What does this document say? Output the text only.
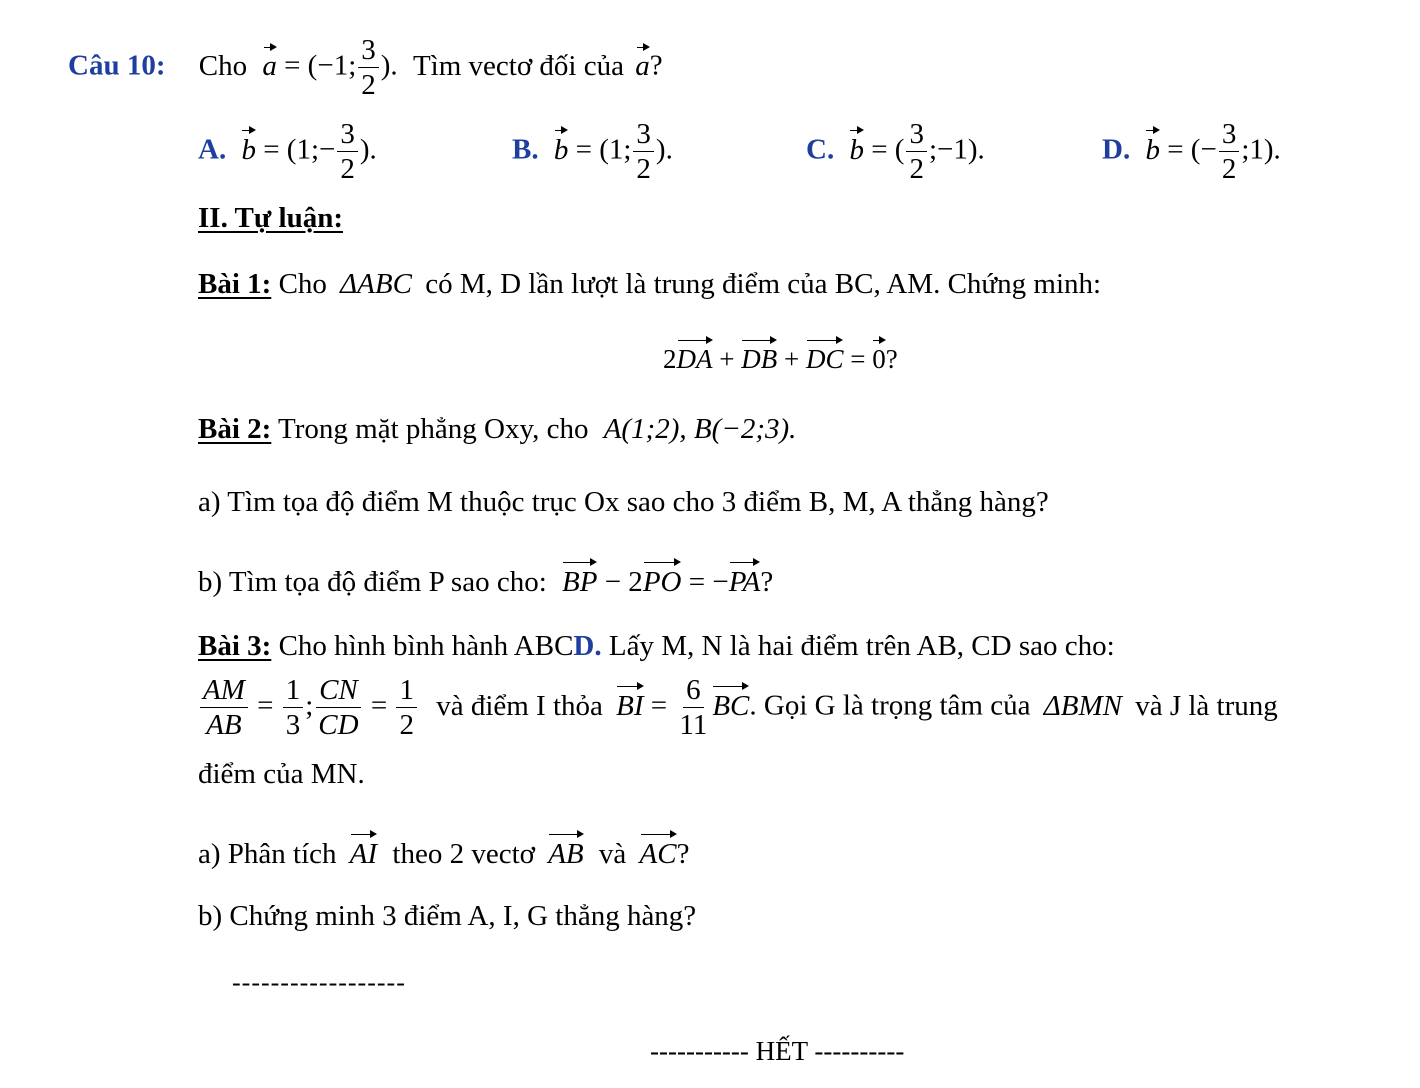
Câu 10: Cho a = (−1; $\frac{3}{2}$ ). Tìm vectơ đối của a?
A. b = (1;− $\frac{3}{2}$ ).	B. b = (1; $\frac{3}{2}$ ).	C. b = ( $\frac{3}{2}$ ;−1).	D. b = (− $\frac{3}{2}$ ;1).
II. Tự luận:
Bài 1: Cho ΔABC có M, D lần lượt là trung điểm của BC, AM. Chứng minh:
2DA + DB + DC = 0?
Bài 2: Trong mặt phẳng Oxy, cho A(1;2), B(−2;3).
a) Tìm tọa độ điểm M thuộc trục Ox sao cho 3 điểm B, M, A thẳng hàng?
b) Tìm tọa độ điểm P sao cho: BP − 2PO = −PA?
Bài 3: Cho hình bình hành ABCD. Lấy M, N là hai điểm trên AB, CD sao cho:
$\frac{AM}{AB} = \frac{1}{3}$ ; $\frac{CN}{CD} = \frac{1}{2}$ và điểm I thỏa BI = $\frac{6}{11}$ BC. Gọi G là trọng tâm của ΔBMN và J là trung
điểm của MN.
a) Phân tích AI theo 2 vectơ AB và AC?
b) Chứng minh 3 điểm A, I, G thẳng hàng?
------------------
----------- HẾT ----------
